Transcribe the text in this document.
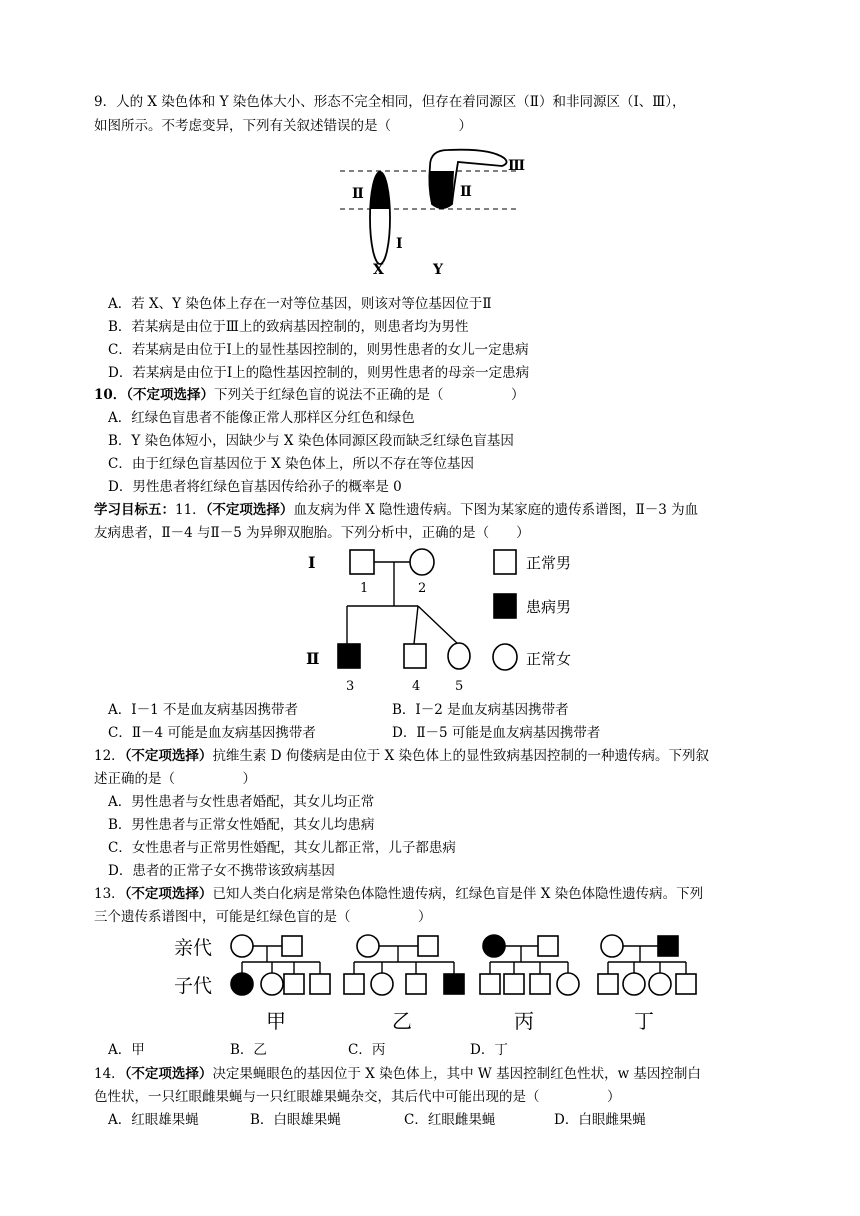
9．人的 X 染色体和 Y 染色体大小、形态不完全相同，但存在着同源区（Ⅱ）和非同源区（Ⅰ、Ⅲ），
如图所示。不考虑变异，下列有关叙述错误的是（　　　　　）
Ⅱ
Ⅰ
Ⅱ
Ⅲ
X	Y
A．若 X、Y 染色体上存在一对等位基因，则该对等位基因位于Ⅱ
B．若某病是由位于Ⅲ上的致病基因控制的，则患者均为男性
C．若某病是由位于Ⅰ上的显性基因控制的，则男性患者的女儿一定患病
D．若某病是由位于Ⅰ上的隐性基因控制的，则男性患者的母亲一定患病
10．（不定项选择）下列关于红绿色盲的说法不正确的是（　　　　　）
A．红绿色盲患者不能像正常人那样区分红色和绿色
B．Y 染色体短小，因缺少与 X 染色体同源区段而缺乏红绿色盲基因
C．由于红绿色盲基因位于 X 染色体上，所以不存在等位基因
D．男性患者将红绿色盲基因传给孙子的概率是 0
学习目标五：11．（不定项选择）血友病为伴 X 隐性遗传病。下图为某家庭的遗传系谱图，Ⅱ－3 为血
友病患者，Ⅱ－4 与Ⅱ－5 为异卵双胞胎。下列分析中，正确的是（　　）
正常男
患病男
正常女
Ⅰ
Ⅱ
1	2
3	4	5
A．Ⅰ－1 不是血友病基因携带者	B．Ⅰ－2 是血友病基因携带者
C．Ⅱ－4 可能是血友病基因携带者	D．Ⅱ－5 可能是血友病基因携带者
12．（不定项选择）抗维生素 D 佝偻病是由位于 X 染色体上的显性致病基因控制的一种遗传病。下列叙
述正确的是（　　　　　）
A．男性患者与女性患者婚配，其女儿均正常
B．男性患者与正常女性婚配，其女儿均患病
C．女性患者与正常男性婚配，其女儿都正常，儿子都患病
D．患者的正常子女不携带该致病基因
13．（不定项选择）已知人类白化病是常染色体隐性遗传病，红绿色盲是伴 X 染色体隐性遗传病。下列
三个遗传系谱图中，可能是红绿色盲的是（　　　　　）
亲代
子代
甲	乙	丙	丁
A．甲	B．乙	C．丙	D．丁
14．（不定项选择）决定果蝇眼色的基因位于 X 染色体上，其中 W 基因控制红色性状，w 基因控制白
色性状，一只红眼雌果蝇与一只红眼雄果蝇杂交，其后代中可能出现的是（　　　　　）
A．红眼雄果蝇	B．白眼雄果蝇	C．红眼雌果蝇	D．白眼雌果蝇
